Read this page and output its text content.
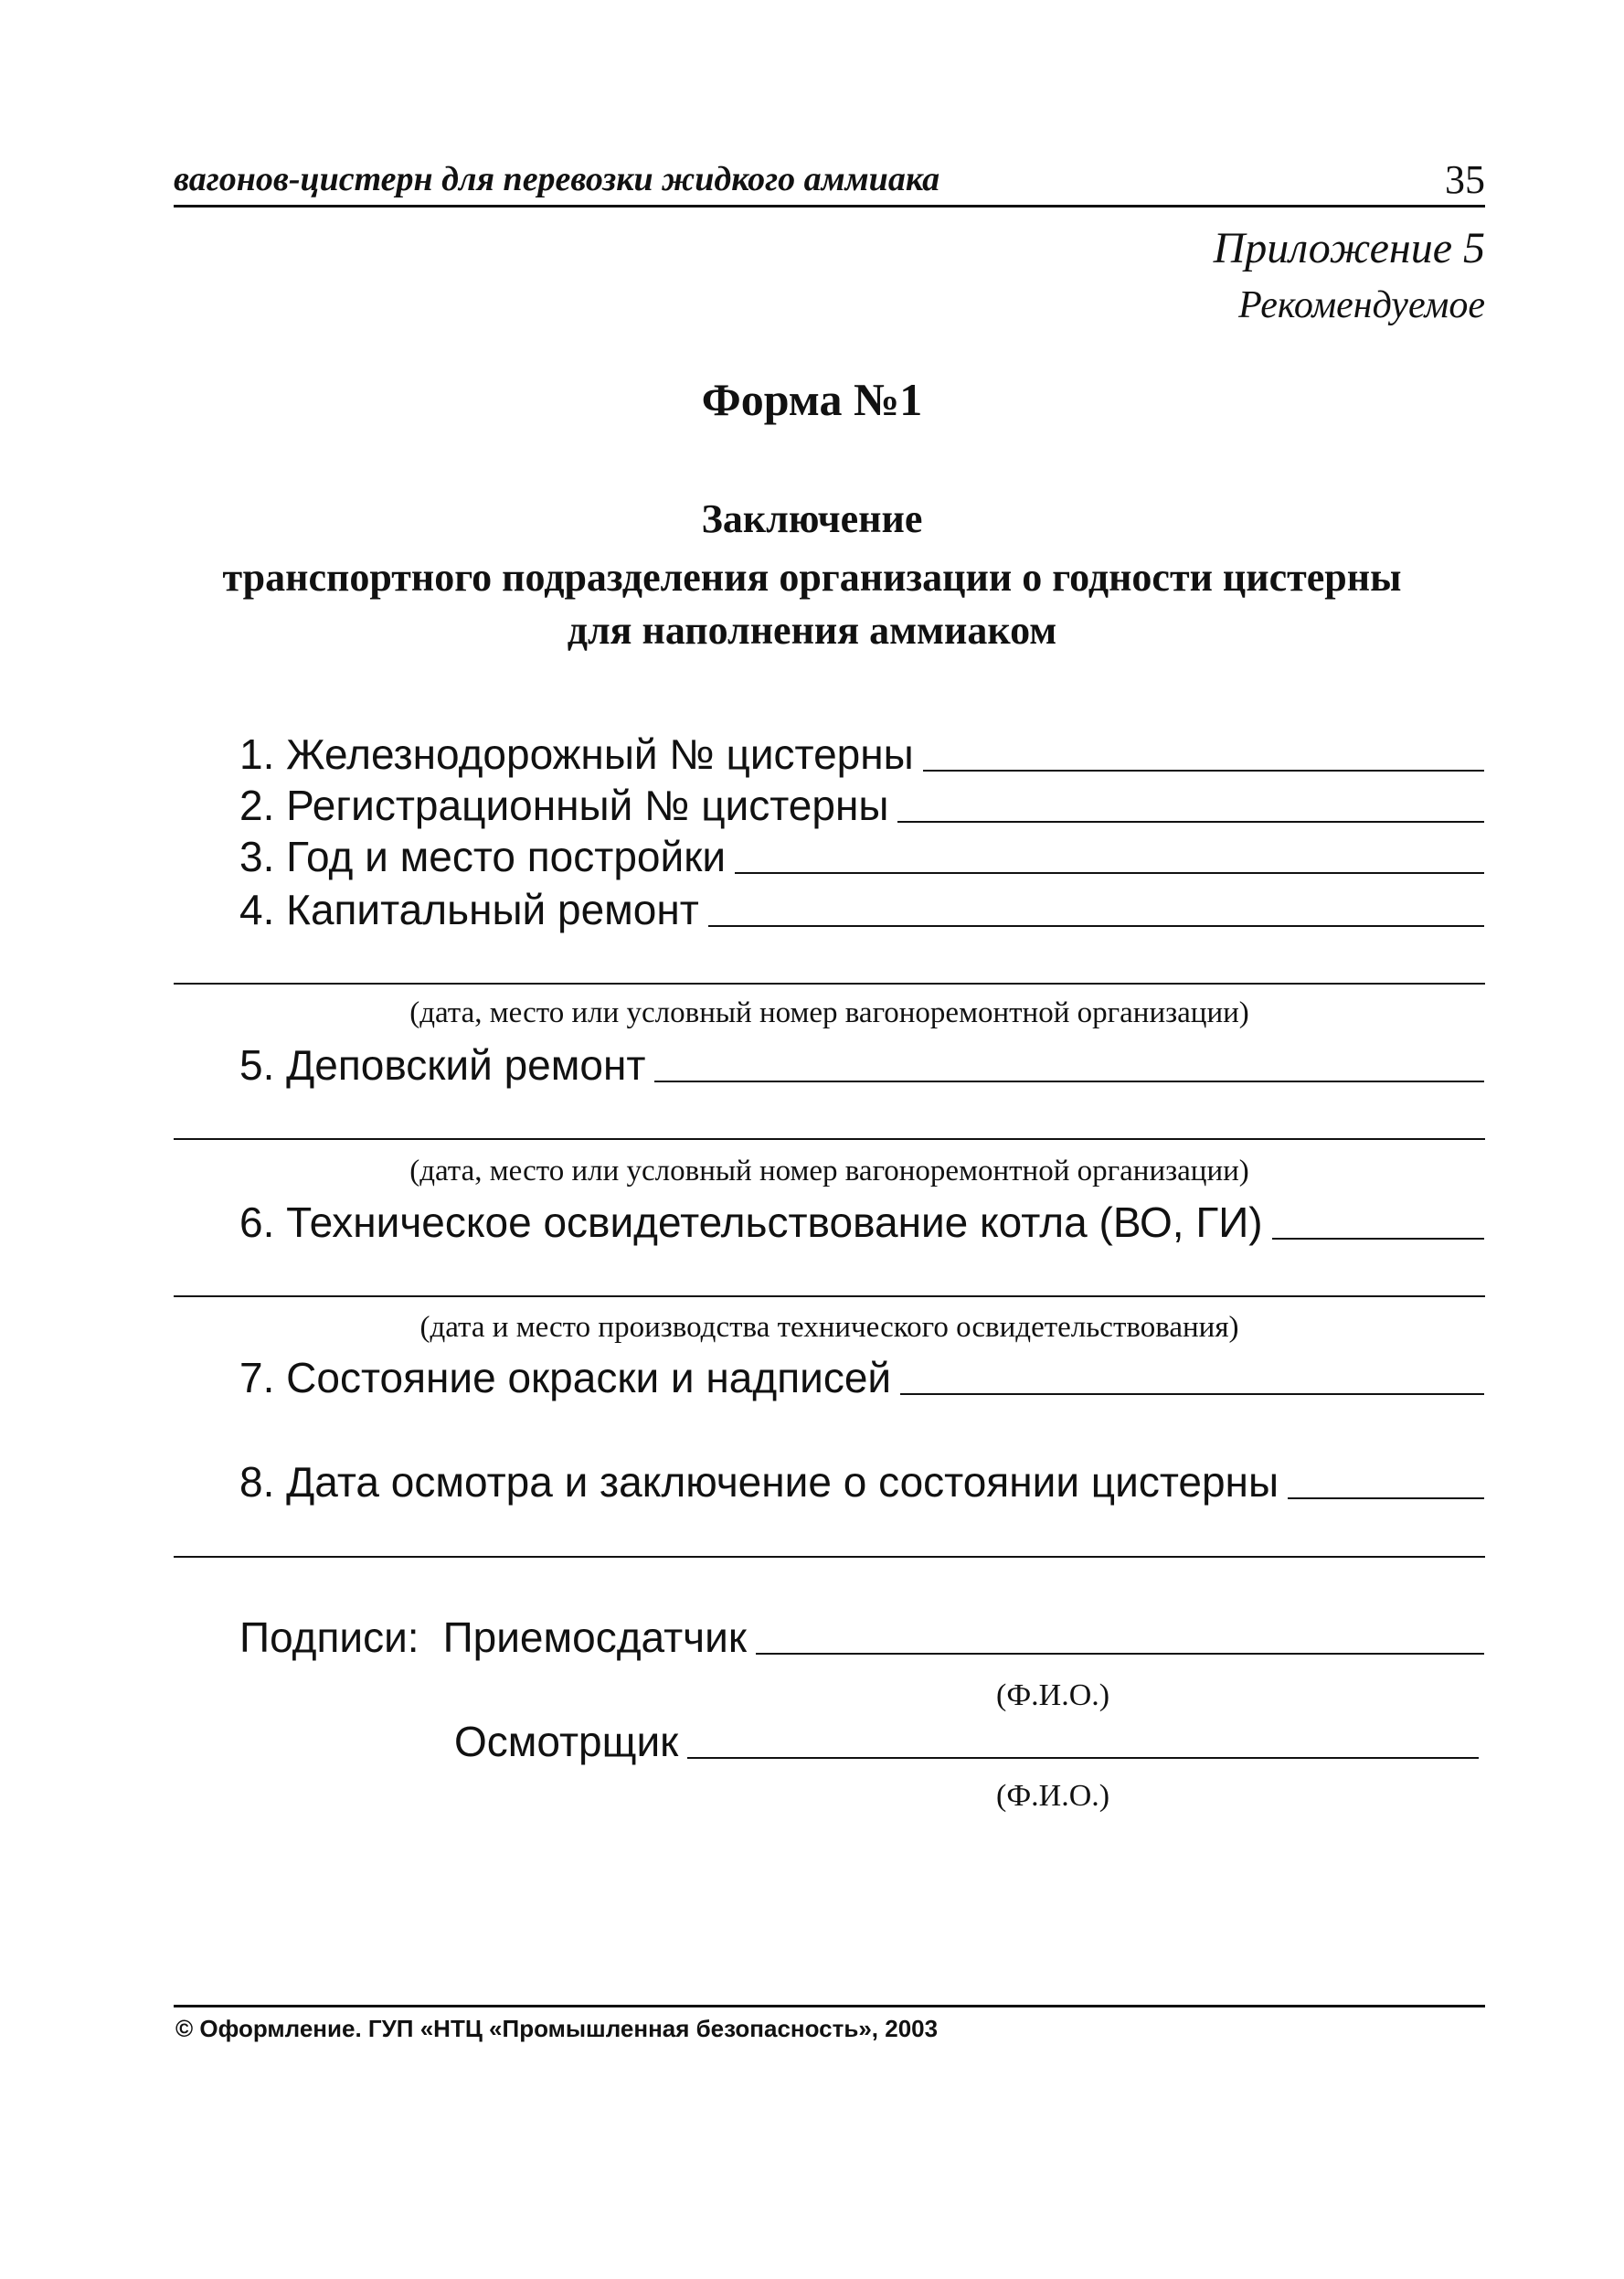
вагонов-цистерн для перевозки жидкого аммиака	35
Приложение 5
Рекомендуемое
Форма №1
Заключение
транспортного подразделения организации о годности цистерны
для наполнения аммиаком
1. Железнодорожный № цистерны
2. Регистрационный № цистерны
3. Год и место постройки
4. Капитальный ремонт
(дата, место или условный номер вагоноремонтной организации)
5. Деповский ремонт
(дата, место или условный номер вагоноремонтной организации)
6. Техническое освидетельствование котла (ВО, ГИ)
(дата и место производства технического освидетельствования)
7. Состояние окраски и надписей
8. Дата осмотра и заключение о состоянии цистерны
Подписи: Приемосдатчик
(Ф.И.О.)
Осмотрщик
(Ф.И.О.)
© Оформление. ГУП «НТЦ «Промышленная безопасность», 2003
